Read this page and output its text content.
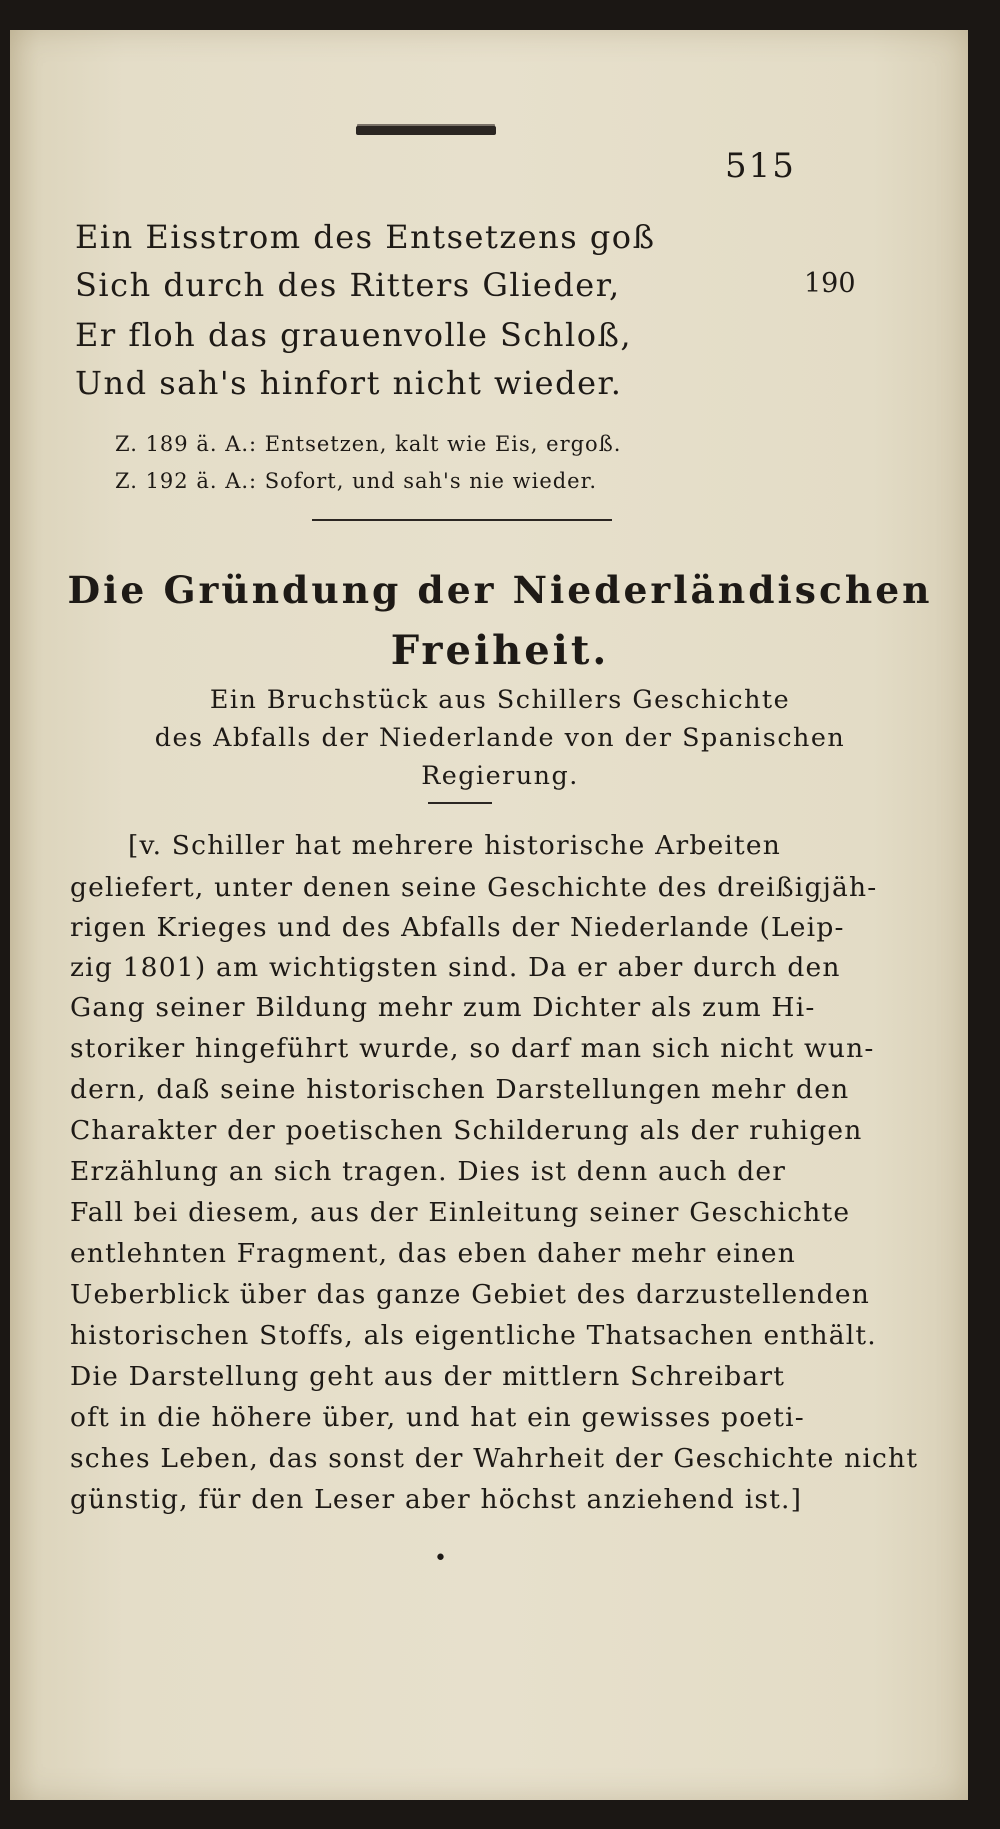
515
Ein Eisstrom des Entsetzens goß
Sich durch des Ritters Glieder,
Er floh das grauenvolle Schloß,
Und sah's hinfort nicht wieder.
190
Z. 189 ä. A.: Entsetzen, kalt wie Eis, ergoß.
Z. 192 ä. A.: Sofort, und sah's nie wieder.
Die Gründung der Niederländischen
Freiheit.
Ein Bruchstück aus Schillers Geschichte
des Abfalls der Niederlande von der Spanischen
Regierung.
[v. Schiller hat mehrere historische Arbeiten
geliefert, unter denen seine Geschichte des dreißigjäh-
rigen Krieges und des Abfalls der Niederlande (Leip-
zig 1801) am wichtigsten sind. Da er aber durch den
Gang seiner Bildung mehr zum Dichter als zum Hi-
storiker hingeführt wurde, so darf man sich nicht wun-
dern, daß seine historischen Darstellungen mehr den
Charakter der poetischen Schilderung als der ruhigen
Erzählung an sich tragen. Dies ist denn auch der
Fall bei diesem, aus der Einleitung seiner Geschichte
entlehnten Fragment, das eben daher mehr einen
Ueberblick über das ganze Gebiet des darzustellenden
historischen Stoffs, als eigentliche Thatsachen enthält.
Die Darstellung geht aus der mittlern Schreibart
oft in die höhere über, und hat ein gewisses poeti-
sches Leben, das sonst der Wahrheit der Geschichte nicht
günstig, für den Leser aber höchst anziehend ist.]
•
